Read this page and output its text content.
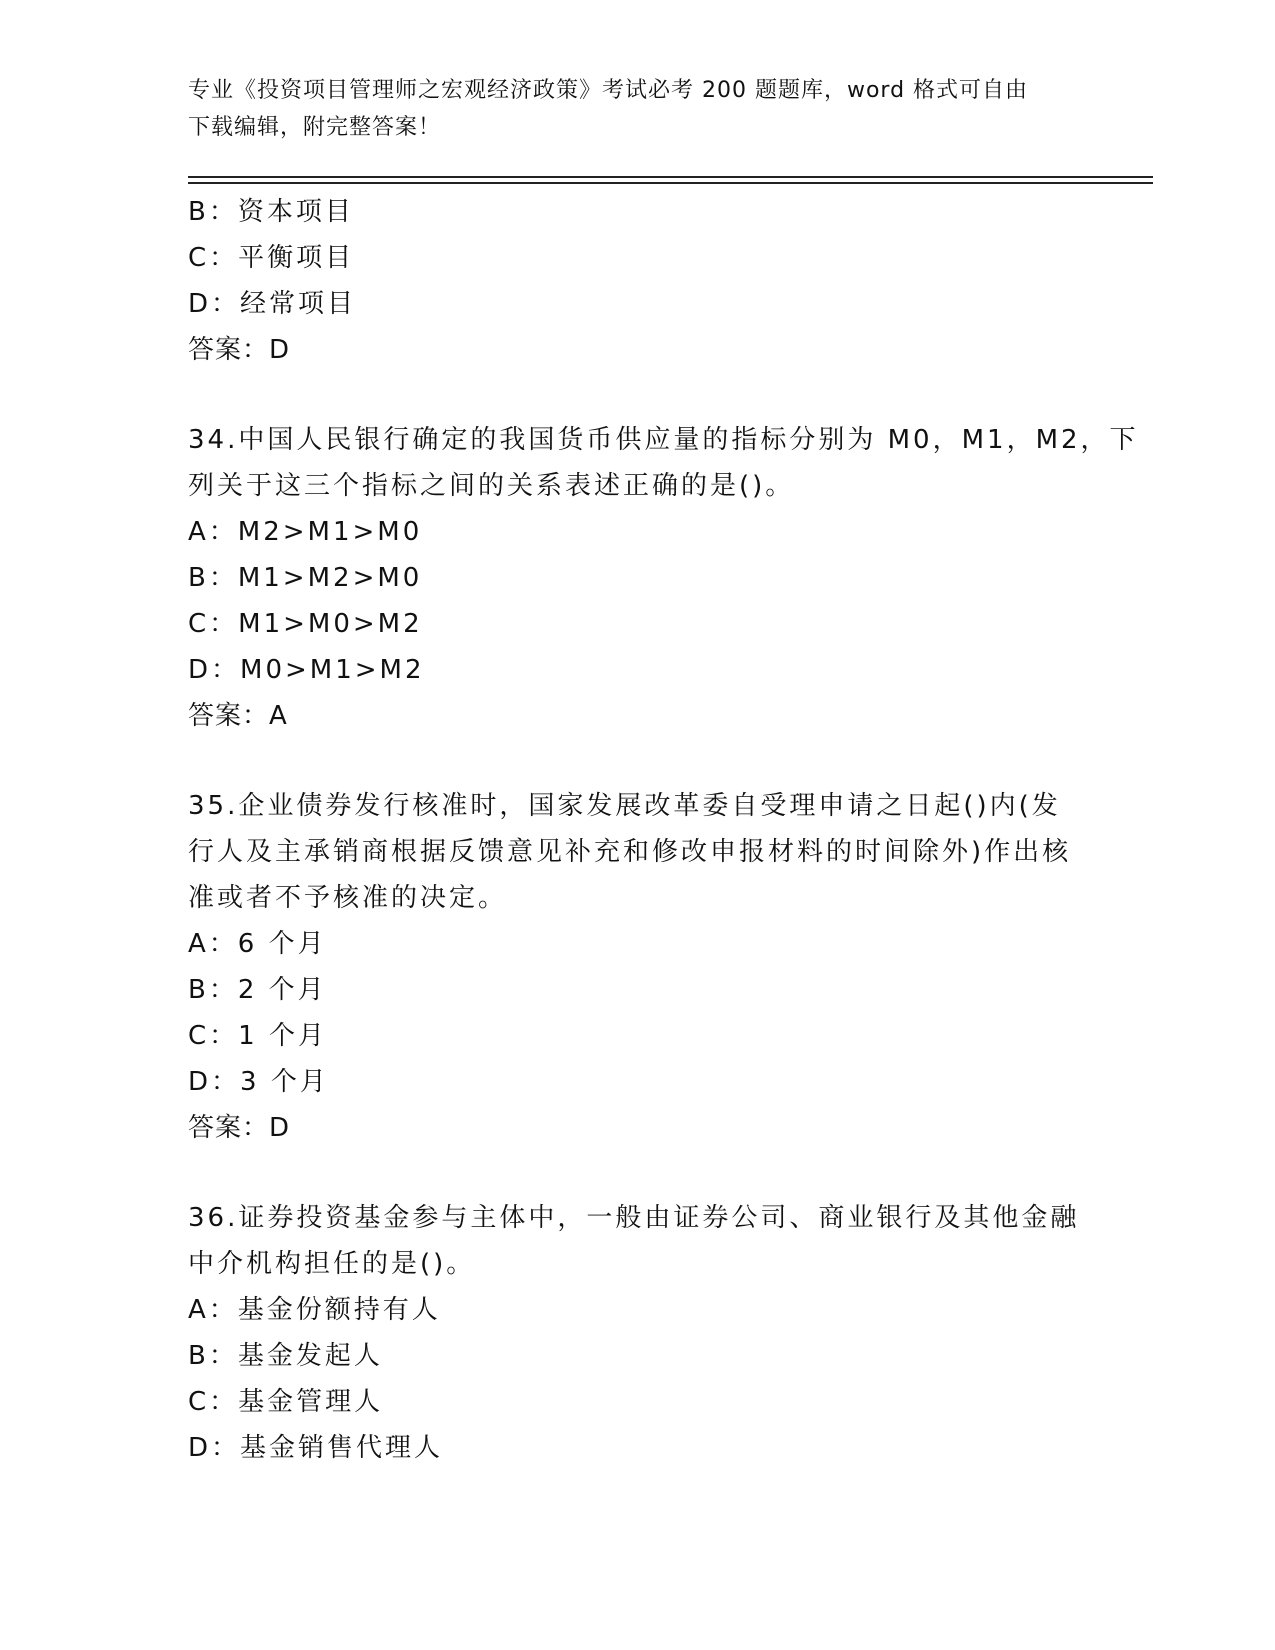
专业《投资项目管理师之宏观经济政策》考试必考 200 题题库，word 格式可自由
下载编辑，附完整答案！
B：资本项目
C：平衡项目
D：经常项目
答案：D
34.中国人民银行确定的我国货币供应量的指标分别为 M0，M1，M2，下
列关于这三个指标之间的关系表述正确的是()。
A：M2>M1>M0
B：M1>M2>M0
C：M1>M0>M2
D：M0>M1>M2
答案：A
35.企业债券发行核准时，国家发展改革委自受理申请之日起()内(发
行人及主承销商根据反馈意见补充和修改申报材料的时间除外)作出核
准或者不予核准的决定。
A：6 个月
B：2 个月
C：1 个月
D：3 个月
答案：D
36.证券投资基金参与主体中，一般由证券公司、商业银行及其他金融
中介机构担任的是()。
A：基金份额持有人
B：基金发起人
C：基金管理人
D：基金销售代理人
